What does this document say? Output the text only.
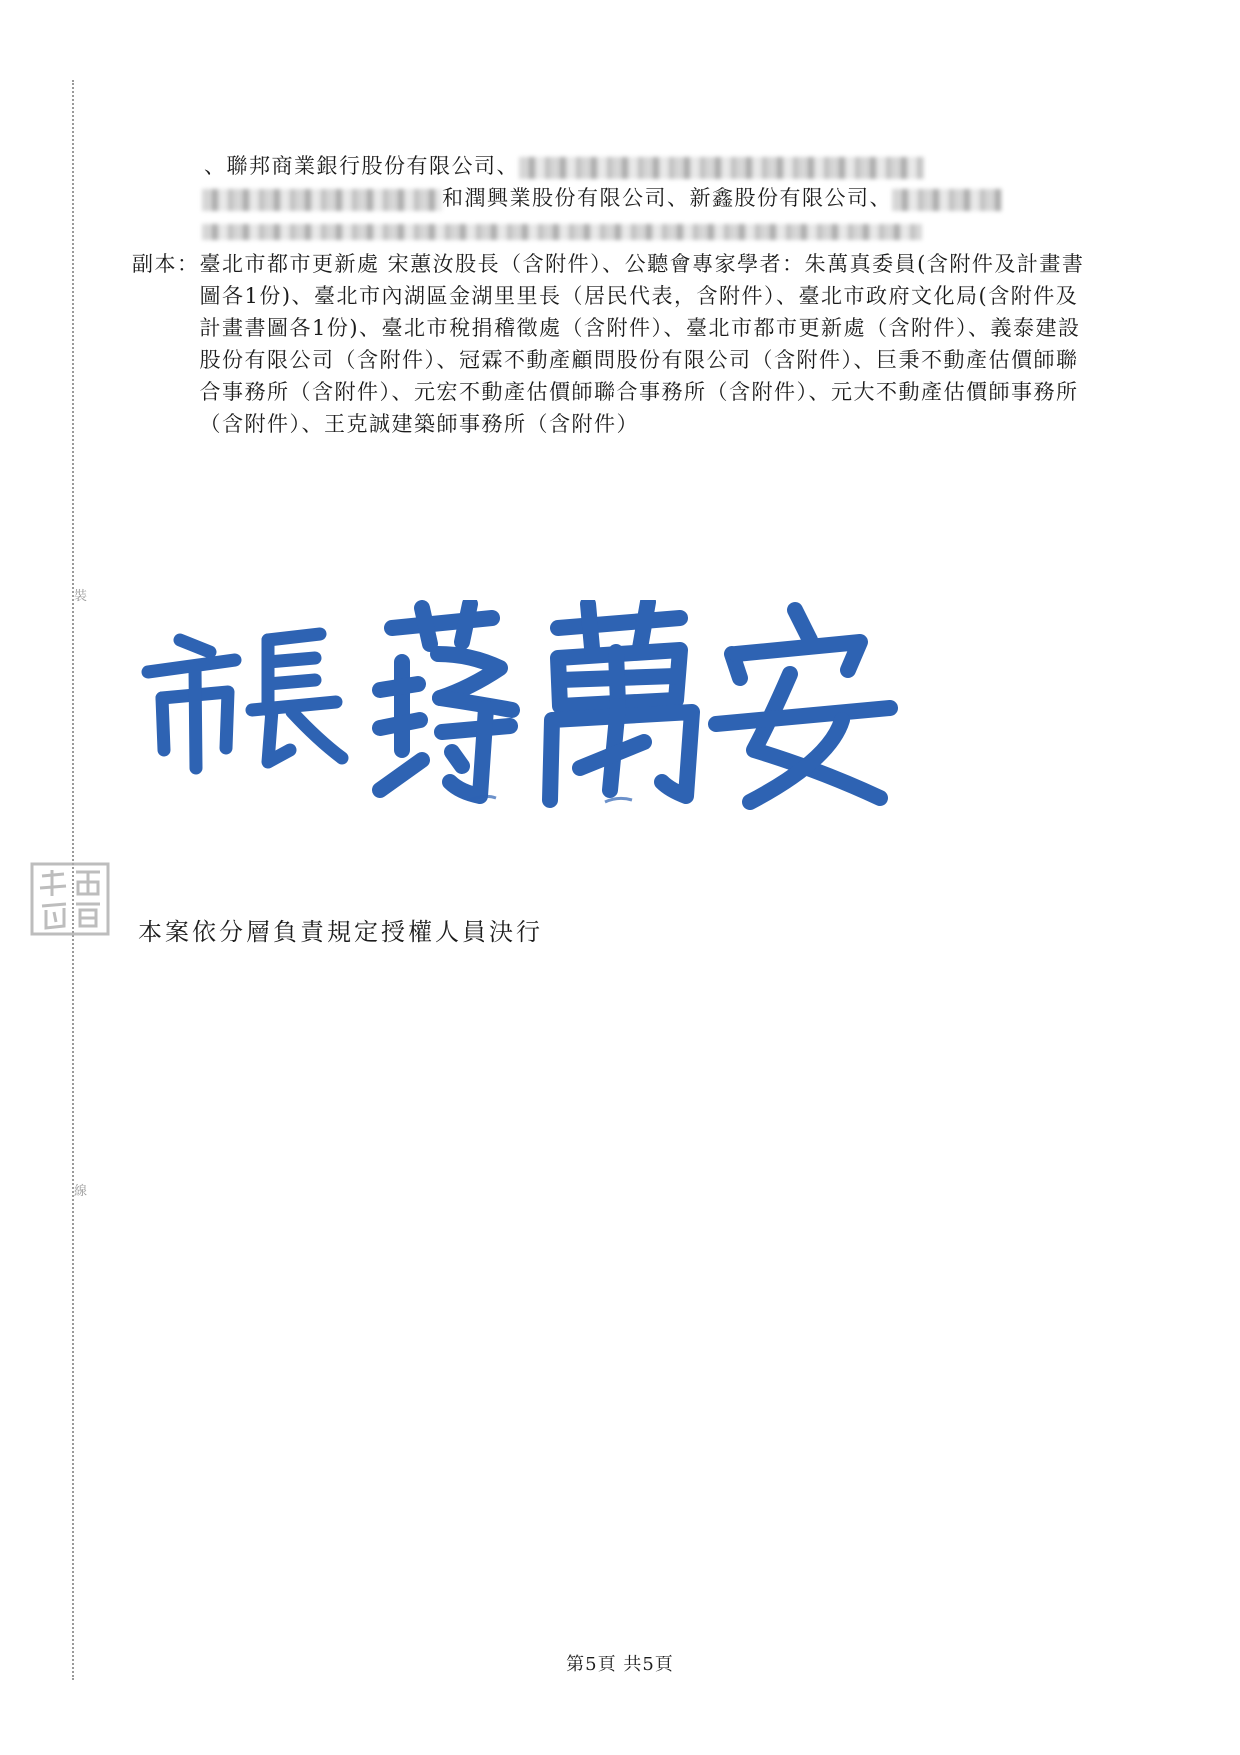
裝
線
、聯邦商業銀行股份有限公司、
和潤興業股份有限公司、新鑫股份有限公司、
副本： 臺北市都市更新處 宋蕙汝股長（含附件）、公聽會專家學者：朱萬真委員(含附件及計畫書圖各1份)、臺北市內湖區金湖里里長（居民代表，含附件）、臺北市政府文化局(含附件及計畫書圖各1份)、臺北市稅捐稽徵處（含附件）、臺北市都市更新處（含附件）、義泰建設股份有限公司（含附件）、冠霖不動產顧問股份有限公司（含附件）、巨秉不動產估價師聯合事務所（含附件）、元宏不動產估價師聯合事務所（含附件）、元大不動產估價師事務所（含附件）、王克誠建築師事務所（含附件）
本案依分層負責規定授權人員決行
第5頁 共5頁
